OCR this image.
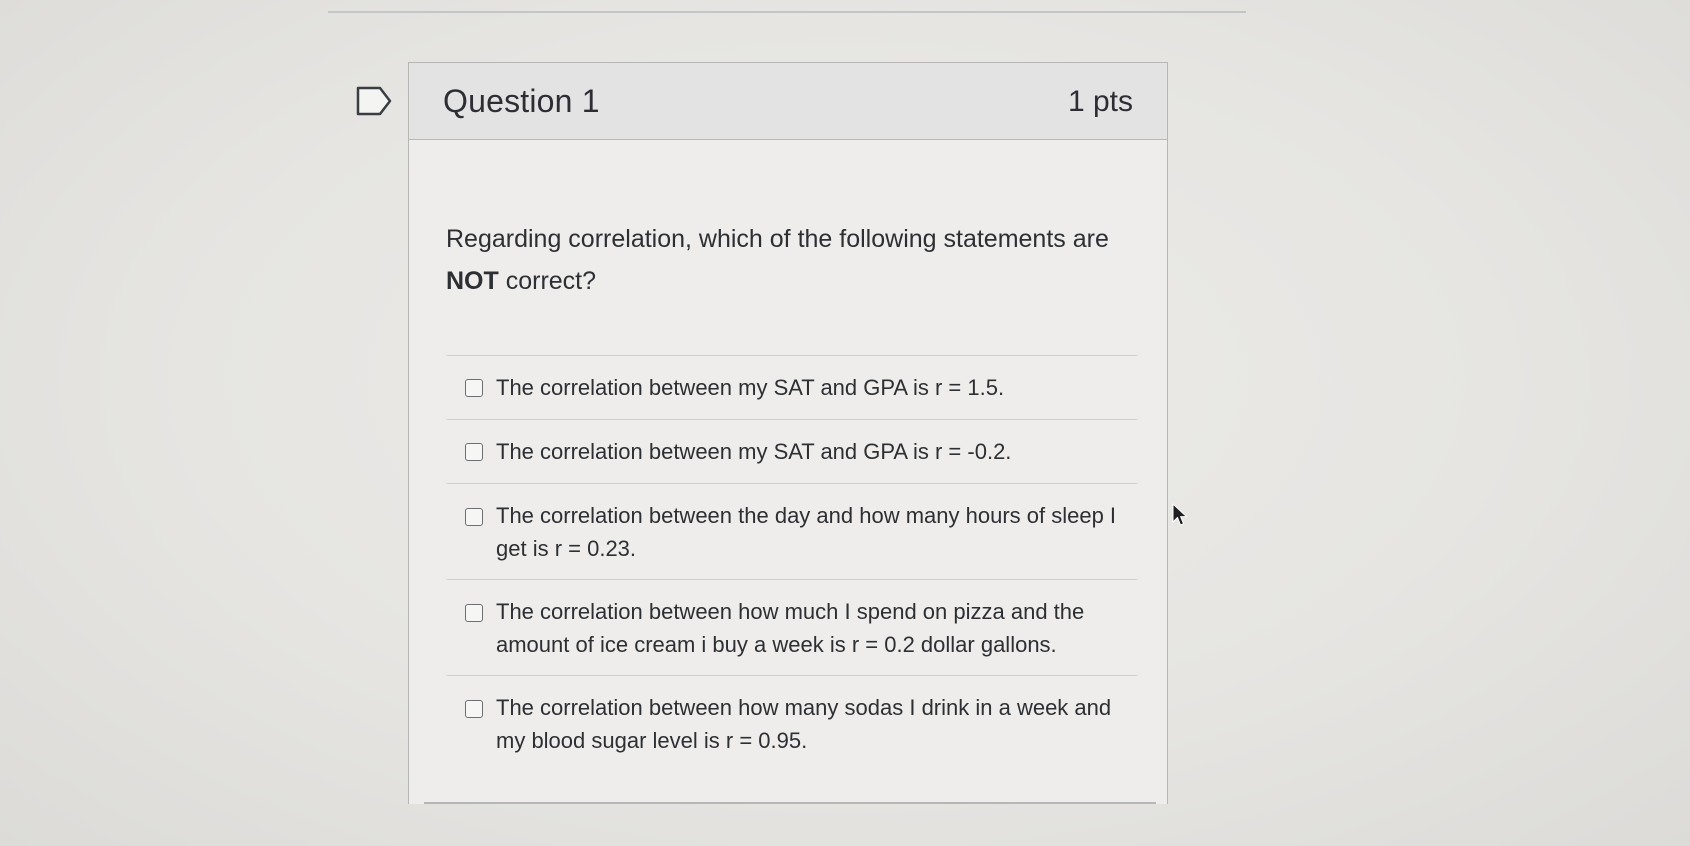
Question 1	1 pts
Regarding correlation, which of the following statements are NOT correct?
The correlation between my SAT and GPA is r = 1.5.
The correlation between my SAT and GPA is r = -0.2.
The correlation between the day and how many hours of sleep I get is r = 0.23.
The correlation between how much I spend on pizza and the amount of ice cream i buy a week is r = 0.2 dollar gallons.
The correlation between how many sodas I drink in a week and my blood sugar level is r = 0.95.
